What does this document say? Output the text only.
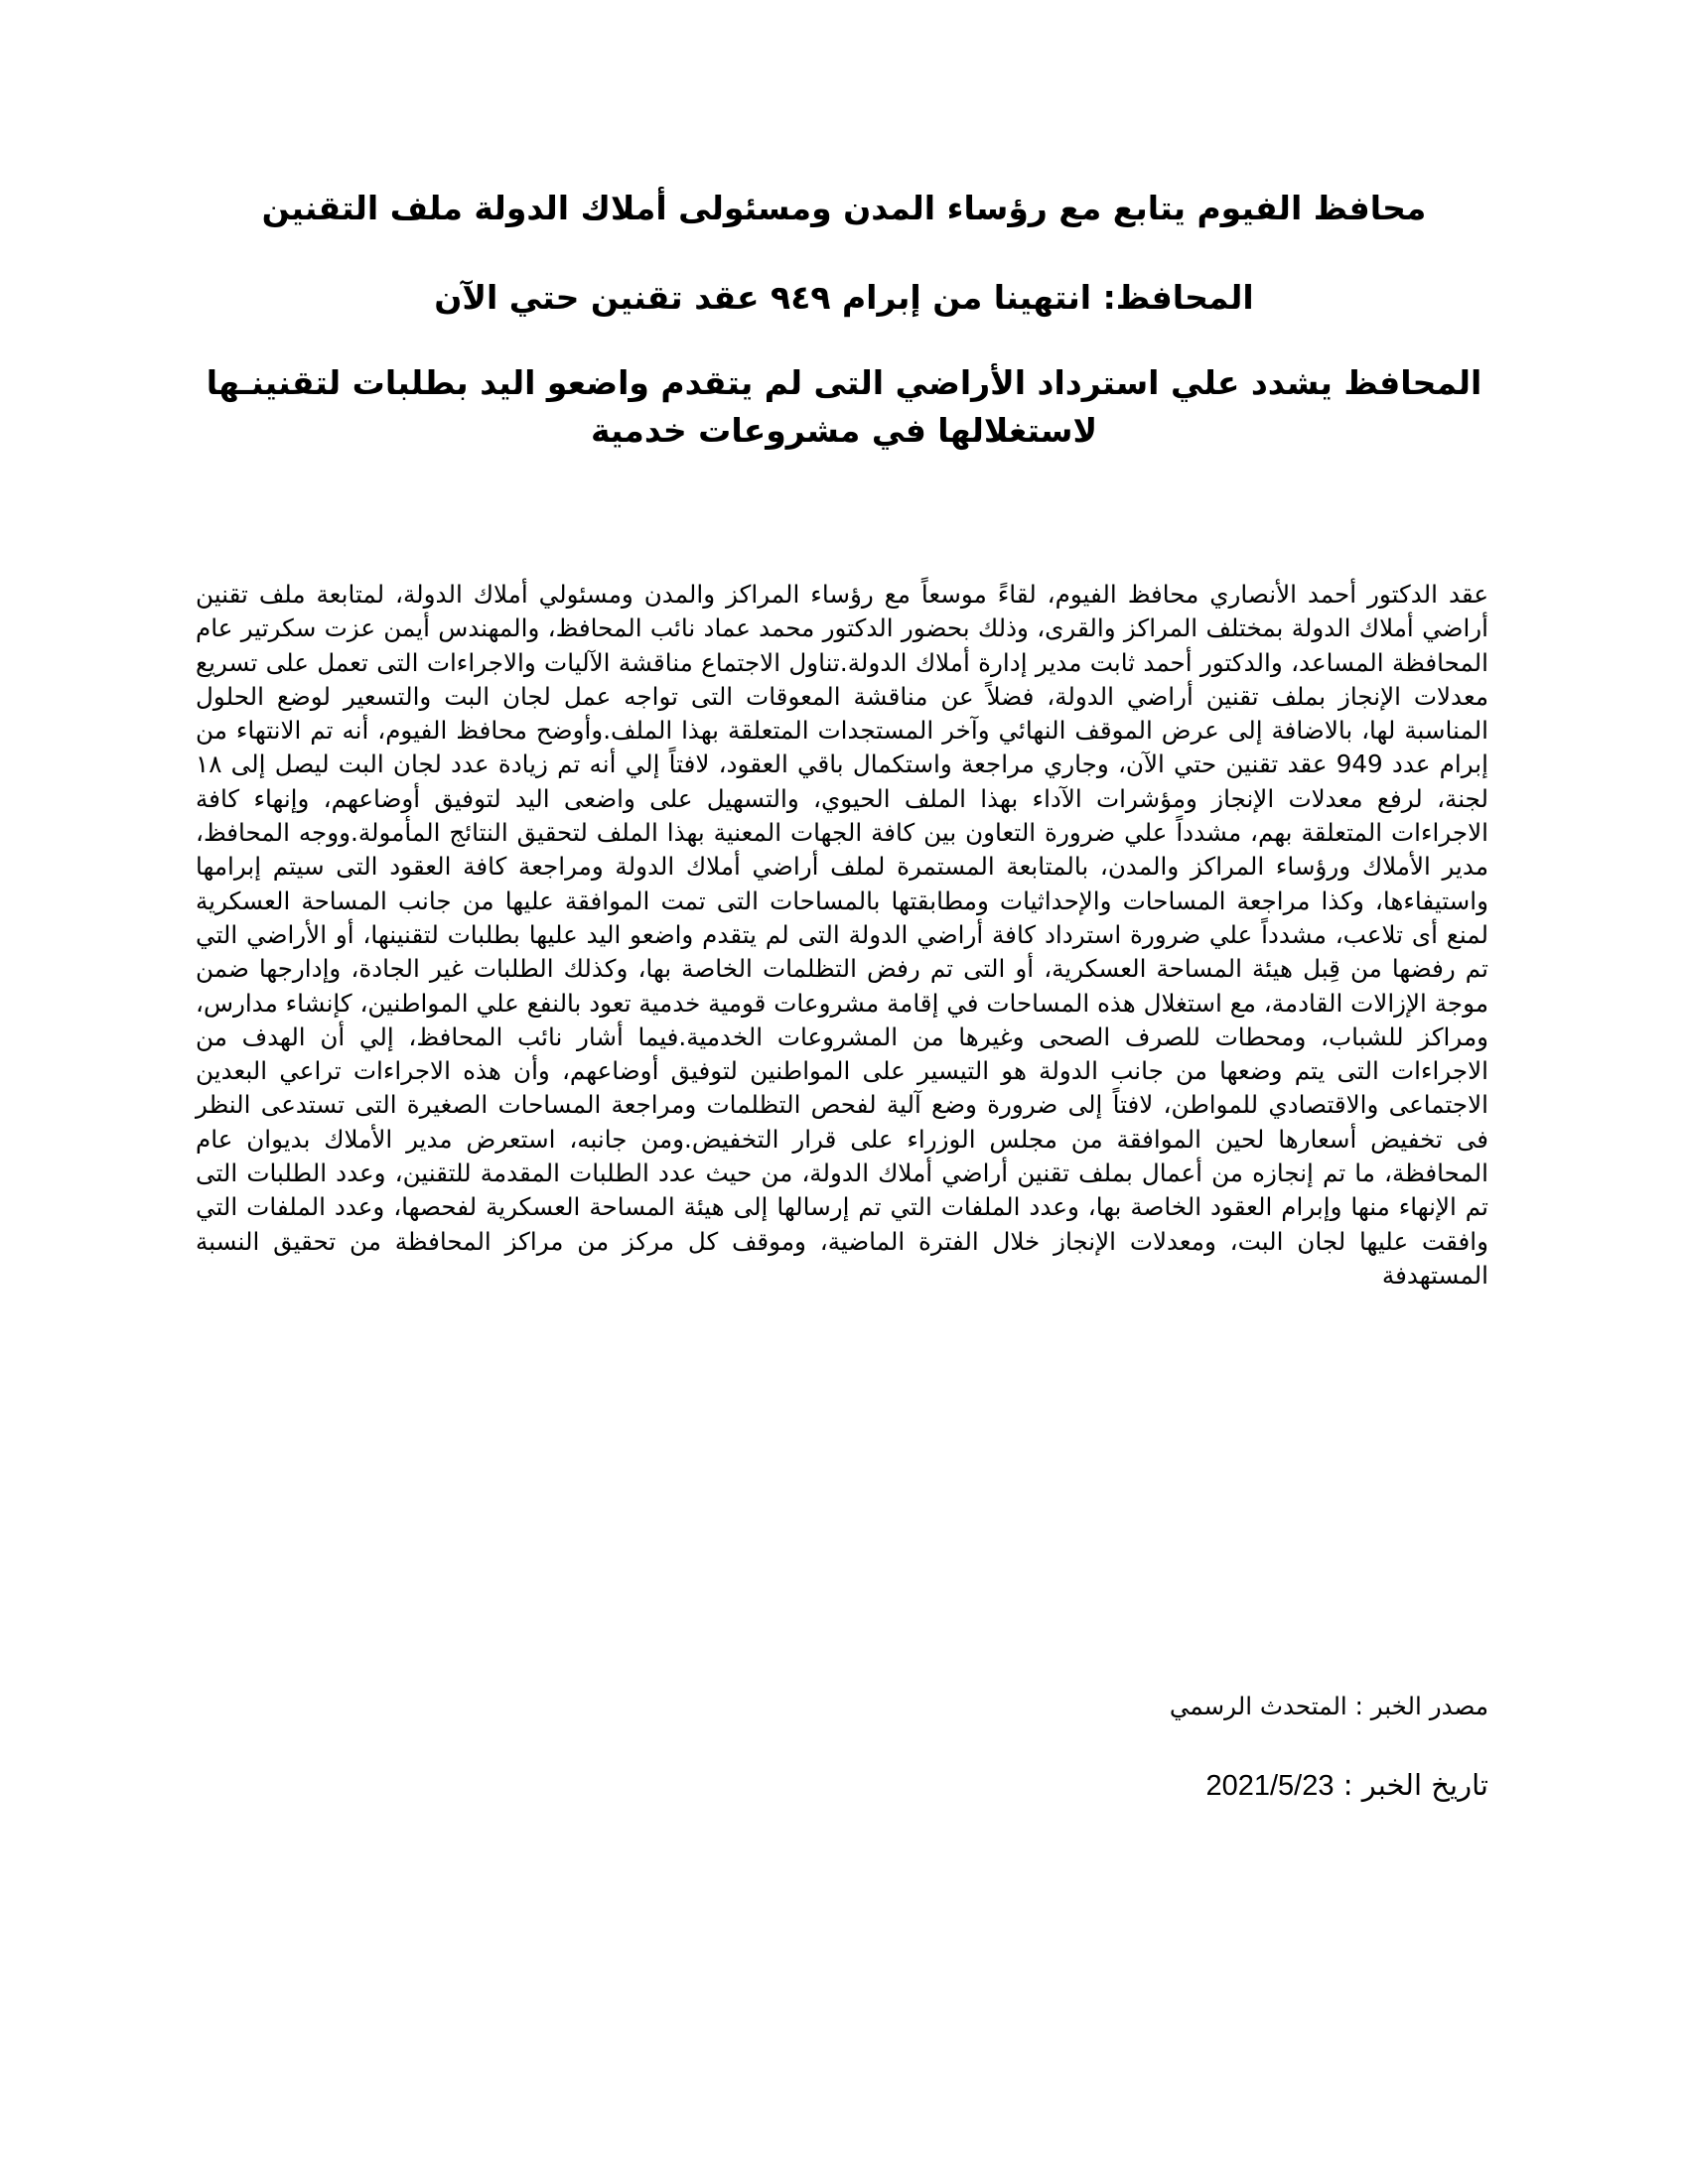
محافظ الفيوم يتابع مع رؤساء المدن ومسئولى أملاك الدولة ملف التقنين

المحافظ: انتهينا من إبرام ٩٤٩ عقد تقنين حتي الآن

المحافظ يشدد علي استرداد الأراضي التى لم يتقدم واضعو اليد بطلبات لتقنينـها لاستغلالها في مشروعات خدمية

عقد الدكتور أحمد الأنصاري محافظ الفيوم، لقاءً موسعاً مع رؤساء المراكز والمدن ومسئولي أملاك الدولة، لمتابعة ملف تقنين أراضي أملاك الدولة بمختلف المراكز والقرى، وذلك بحضور الدكتور محمد عماد نائب المحافظ، والمهندس أيمن عزت سكرتير عام المحافظة المساعد، والدكتور أحمد ثابت مدير إدارة أملاك الدولة.تناول الاجتماع مناقشة الآليات والاجراءات التى تعمل على تسريع معدلات الإنجاز بملف تقنين أراضي الدولة، فضلاً عن مناقشة المعوقات التى تواجه عمل لجان البت والتسعير لوضع الحلول المناسبة لها، بالاضافة إلى عرض الموقف النهائي وآخر المستجدات المتعلقة بهذا الملف.وأوضح محافظ الفيوم، أنه تم الانتهاء من إبرام عدد 949 عقد تقنين حتي الآن، وجاري مراجعة واستكمال باقي العقود، لافتاً إلي أنه تم زيادة عدد لجان البت ليصل إلى ١٨ لجنة، لرفع معدلات الإنجاز ومؤشرات الآداء بهذا الملف الحيوي، والتسهيل على واضعى اليد لتوفيق أوضاعهم، وإنهاء كافة الاجراءات المتعلقة بهم، مشدداً علي ضرورة التعاون بين كافة الجهات المعنية بهذا الملف لتحقيق النتائج المأمولة.ووجه المحافظ، مدير الأملاك ورؤساء المراكز والمدن، بالمتابعة المستمرة لملف أراضي أملاك الدولة ومراجعة كافة العقود التى سيتم إبرامها واستيفاءها، وكذا مراجعة المساحات والإحداثيات ومطابقتها بالمساحات التى تمت الموافقة عليها من جانب المساحة العسكرية لمنع أى تلاعب، مشدداً علي ضرورة استرداد كافة أراضي الدولة التى لم يتقدم واضعو اليد عليها بطلبات لتقنينها، أو الأراضي التي تم رفضها من قِبل هيئة المساحة العسكرية، أو التى تم رفض التظلمات الخاصة بها، وكذلك الطلبات غير الجادة، وإدارجها ضمن موجة الإزالات القادمة، مع استغلال هذه المساحات في إقامة مشروعات قومية خدمية تعود بالنفع علي المواطنين، كإنشاء مدارس، ومراكز للشباب، ومحطات للصرف الصحى وغيرها من المشروعات الخدمية.فيما أشار نائب المحافظ، إلي أن الهدف من الاجراءات التى يتم وضعها من جانب الدولة هو التيسير على المواطنين لتوفيق أوضاعهم، وأن هذه الاجراءات تراعي البعدين الاجتماعى والاقتصادي للمواطن، لافتاً إلى ضرورة وضع آلية لفحص التظلمات ومراجعة المساحات الصغيرة التى تستدعى النظر فى تخفيض أسعارها لحين الموافقة من مجلس الوزراء على قرار التخفيض.ومن جانبه، استعرض مدير الأملاك بديوان عام المحافظة، ما تم إنجازه من أعمال بملف تقنين أراضي أملاك الدولة، من حيث عدد الطلبات المقدمة للتقنين، وعدد الطلبات التى تم الإنهاء منها وإبرام العقود الخاصة بها، وعدد الملفات التي تم إرسالها إلى هيئة المساحة العسكرية لفحصها، وعدد الملفات التي وافقت عليها لجان البت، ومعدلات الإنجاز خلال الفترة الماضية، وموقف كل مركز من مراكز المحافظة من تحقيق النسبة المستهدفة

مصدر الخبر : المتحدث الرسمي

تاريخ الخبر : 2021/5/23
